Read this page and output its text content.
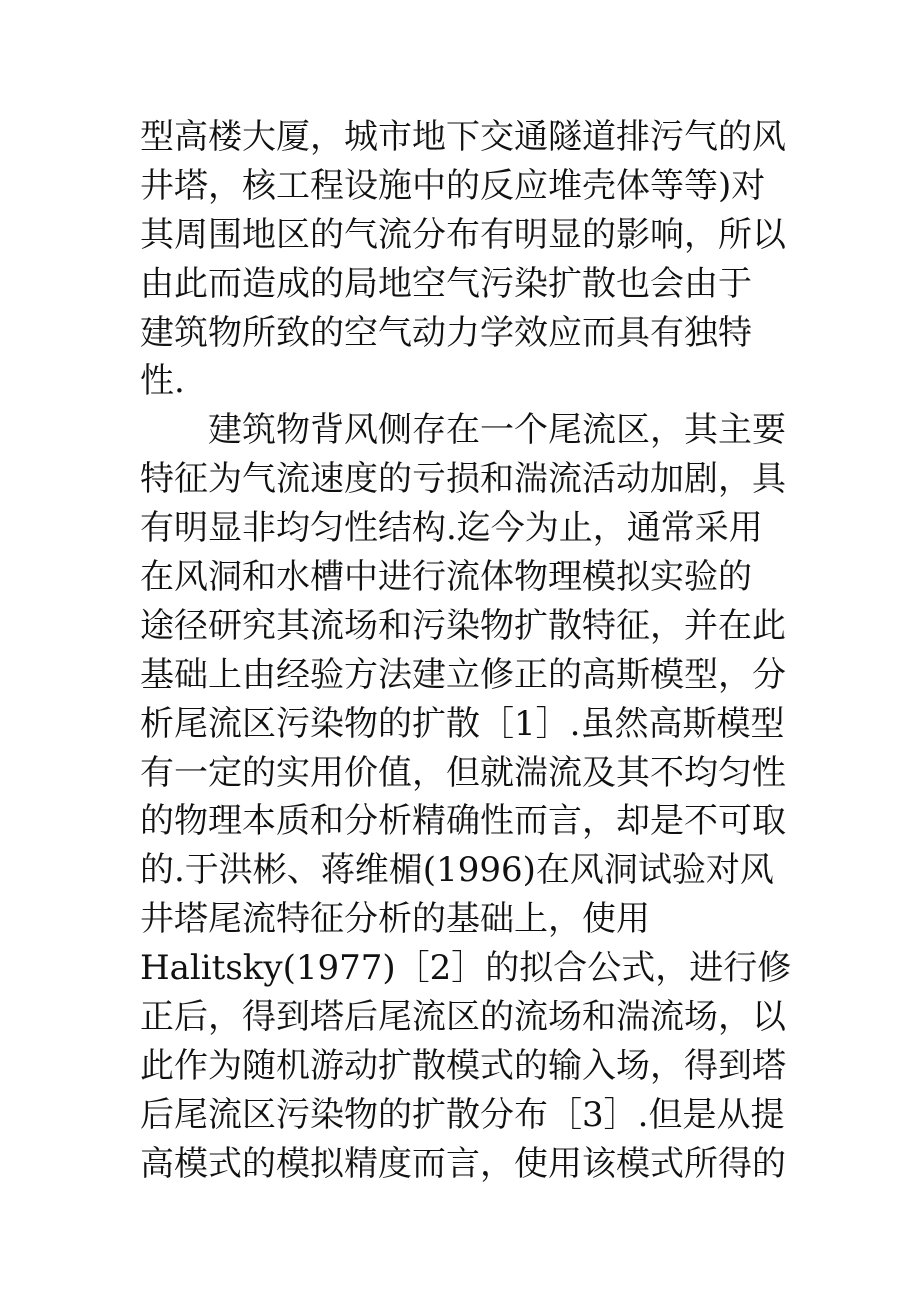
型高楼大厦，城市地下交通隧道排污气的风
井塔，核工程设施中的反应堆壳体等等)对
其周围地区的气流分布有明显的影响，所以
由此而造成的局地空气污染扩散也会由于
建筑物所致的空气动力学效应而具有独特
性.
建筑物背风侧存在一个尾流区，其主要
特征为气流速度的亏损和湍流活动加剧，具
有明显非均匀性结构.迄今为止，通常采用
在风洞和水槽中进行流体物理模拟实验的
途径研究其流场和污染物扩散特征，并在此
基础上由经验方法建立修正的高斯模型，分
析尾流区污染物的扩散［1］.虽然高斯模型
有一定的实用价值，但就湍流及其不均匀性
的物理本质和分析精确性而言，却是不可取
的.于洪彬、蒋维楣(1996)在风洞试验对风
井塔尾流特征分析的基础上，使用
Halitsky(1977)［2］的拟合公式，进行修
正后，得到塔后尾流区的流场和湍流场，以
此作为随机游动扩散模式的输入场，得到塔
后尾流区污染物的扩散分布［3］.但是从提
高模式的模拟精度而言，使用该模式所得的
